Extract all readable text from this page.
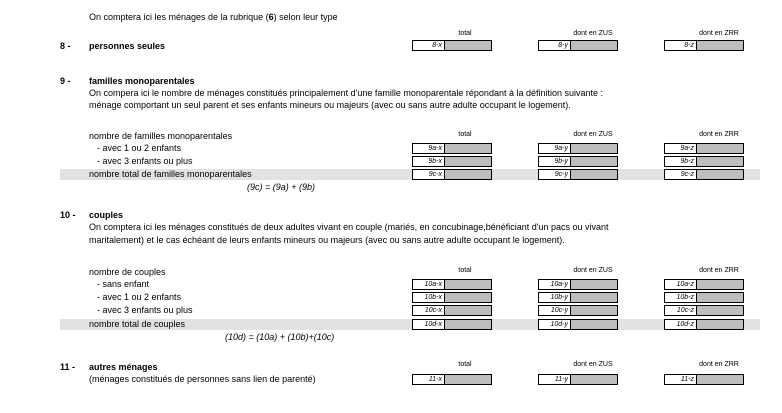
On comptera ici les ménages de la rubrique (6) selon leur type
total	dont en ZUS	dont en ZRR
8 - personnes seules	8-x	8-y	8-z
9 - familles monoparentales
On compera ici le nombre de ménages constitués principalement d'une famille monoparentale répondant à la définition suivante :
ménage comportant un seul parent et ses enfants mineurs ou majeurs (avec ou sans autre adulte occupant le logement).
total	dont en ZUS	dont en ZRR
nombre de familles monoparentales
- avec 1 ou 2 enfants	9a-x	9a-y	9a-z
- avec 3 enfants ou plus	9b-x	9b-y	9b-z
nombre total de familles monoparentales	9c-x	9c-y	9c-z
(9c) = (9a) + (9b)
10 - couples
On comptera ici les ménages constitués de deux adultes vivant en couple (mariés, en concubinage,bénéficiant d'un pacs ou vivant
maritalement) et le cas échéant de leurs enfants mineurs ou majeurs (avec ou sans autre adulte occupant le logement).
total	dont en ZUS	dont en ZRR
nombre de couples
- sans enfant	10a-x	10a-y	10a-z
- avec 1 ou 2 enfants	10b-x	10b-y	10b-z
- avec 3 enfants ou plus	10c-x	10c-y	10c-z
nombre total de couples	10d-x	10d-y	10d-z
(10d) = (10a) + (10b)+(10c)
total	dont en ZUS	dont en ZRR
11 - autres ménages
(ménages constitués de personnes sans lien de parenté)	11-x	11-y	11-z
